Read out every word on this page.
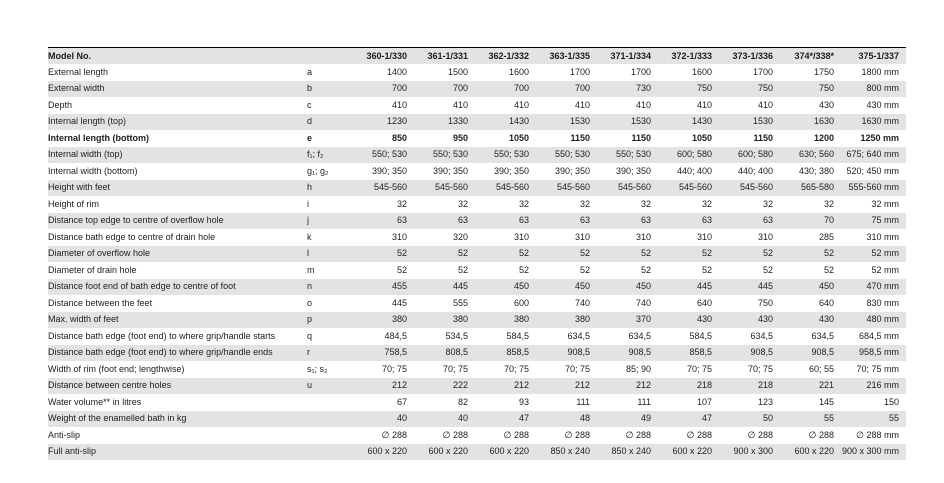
Model No.		360-1/330	361-1/331	362-1/332	363-1/335	371-1/334	372-1/333	373-1/336	374*/338*	375-1/337
External length	a	1400	1500	1600	1700	1700	1600	1700	1750	1800 mm
External width	b	700	700	700	700	730	750	750	750	800 mm
Depth	c	410	410	410	410	410	410	410	430	430 mm
Internal length (top)	d	1230	1330	1430	1530	1530	1430	1530	1630	1630 mm
Internal length (bottom)	e	850	950	1050	1150	1150	1050	1150	1200	1250 mm
Internal width (top)	f₁; f₂	550; 530	550; 530	550; 530	550; 530	550; 530	600; 580	600; 580	630; 560	675; 640 mm
Internal width (bottom)	g₁; g₂	390; 350	390; 350	390; 350	390; 350	390; 350	440; 400	440; 400	430; 380	520; 450 mm
Height with feet	h	545-560	545-560	545-560	545-560	545-560	545-560	545-560	565-580	555-560 mm
Height of rim	i	32	32	32	32	32	32	32	32	32 mm
Distance top edge to centre of overflow hole	j	63	63	63	63	63	63	63	70	75 mm
Distance bath edge to centre of drain hole	k	310	320	310	310	310	310	310	285	310 mm
Diameter of overflow hole	l	52	52	52	52	52	52	52	52	52 mm
Diameter of drain hole	m	52	52	52	52	52	52	52	52	52 mm
Distance foot end of bath edge to centre of foot	n	455	445	450	450	450	445	445	450	470 mm
Distance between the feet	o	445	555	600	740	740	640	750	640	830 mm
Max. width of feet	p	380	380	380	380	370	430	430	430	480 mm
Distance bath edge (foot end) to where grip/handle starts	q	484,5	534,5	584,5	634,5	634,5	584,5	634,5	634,5	684,5 mm
Distance bath edge (foot end) to where grip/handle ends	r	758,5	808,5	858,5	908,5	908,5	858,5	908,5	908,5	958,5 mm
Width of rim (foot end; lengthwise)	s₁; s₂	70; 75	70; 75	70; 75	70; 75	85; 90	70; 75	70; 75	60; 55	70; 75 mm
Distance between centre holes	u	212	222	212	212	212	218	218	221	216 mm
Water volume** in litres		67	82	93	111	111	107	123	145	150
Weight of the enamelled bath in kg		40	40	47	48	49	47	50	55	55
Anti-slip		∅ 288	∅ 288	∅ 288	∅ 288	∅ 288	∅ 288	∅ 288	∅ 288	∅ 288 mm
Full anti-slip		600 x 220	600 x 220	600 x 220	850 x 240	850 x 240	600 x 220	900 x 300	600 x 220	900 x 300 mm
